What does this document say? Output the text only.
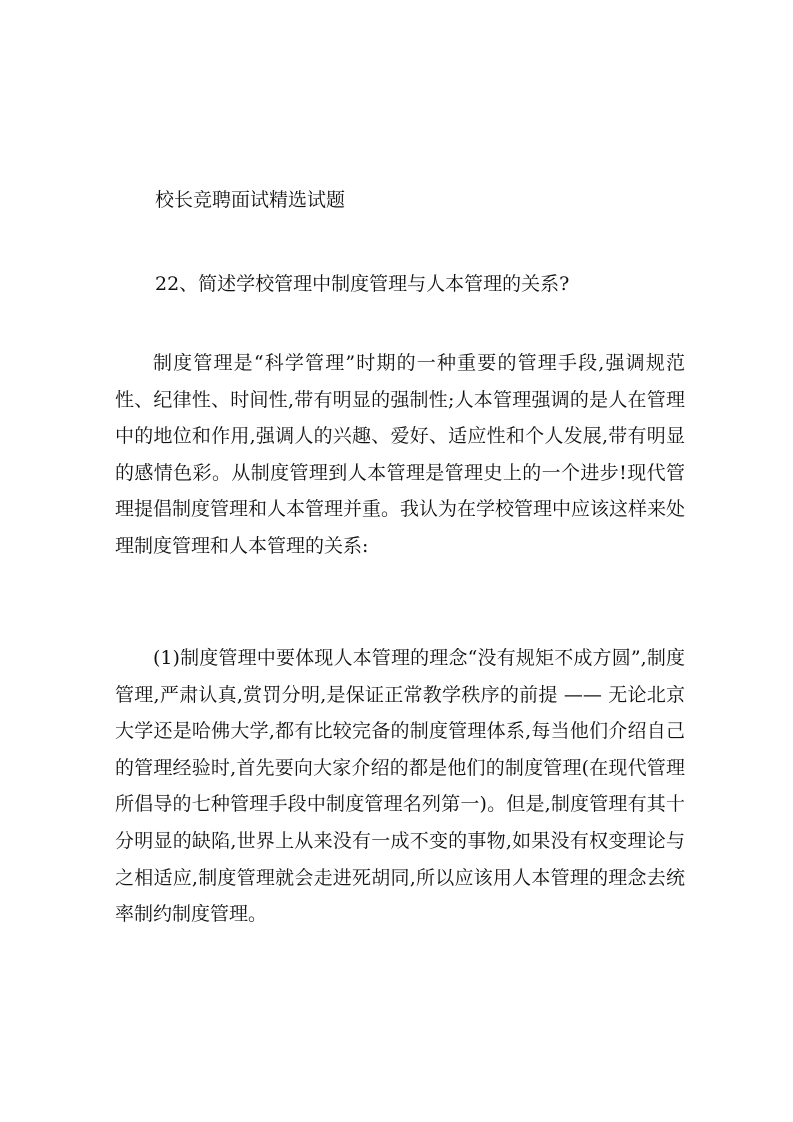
校长竞聘面试精选试题
22、简述学校管理中制度管理与人本管理的关系?

制度管理是“科学管理”时期的一种重要的管理手段,强调规范性、纪律性、时间性,带有明显的强制性;人本管理强调的是人在管理中的地位和作用,强调人的兴趣、爱好、适应性和个人发展,带有明显的感情色彩。从制度管理到人本管理是管理史上的一个进步!现代管理提倡制度管理和人本管理并重。我认为在学校管理中应该这样来处理制度管理和人本管理的关系:

(1)制度管理中要体现人本管理的理念“没有规矩不成方圆”,制度管理,严肃认真,赏罚分明,是保证正常教学秩序的前提 —— 无论北京大学还是哈佛大学,都有比较完备的制度管理体系,每当他们介绍自己的管理经验时,首先要向大家介绍的都是他们的制度管理(在现代管理所倡导的七种管理手段中制度管理名列第一)。但是,制度管理有其十分明显的缺陷,世界上从来没有一成不变的事物,如果没有权变理论与之相适应,制度管理就会走进死胡同,所以应该用人本管理的理念去统率制约制度管理。
